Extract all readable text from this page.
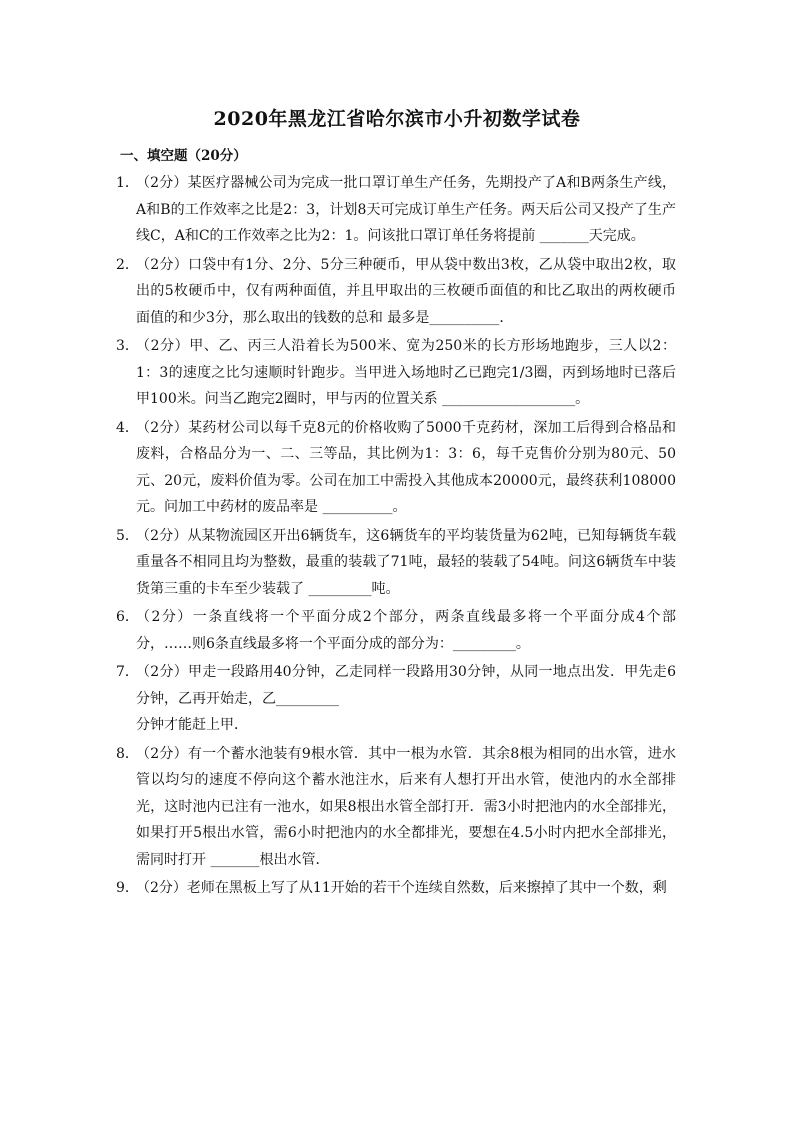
2020年黑龙江省哈尔滨市小升初数学试卷
一、填空题（20分）
1．
（2分）某医疗器械公司为完成一批口罩订单生产任务，先期投产了A和B两条生产线，A和B的工作效率之比是2：3，计划8天可完成订单生产任务。两天后公司又投产了生产线C，A和C的工作效率之比为2：1。问该批口罩订单任务将提前 _______天完成。
2．
（2分）口袋中有1分、2分、5分三种硬币，甲从袋中数出3枚，乙从袋中取出2枚，取出的5枚硬币中，仅有两种面值，并且甲取出的三枚硬币面值的和比乙取出的两枚硬币面值的和少3分，那么取出的钱数的总和 最多是__________．
3．
（2分）甲、乙、丙三人沿着长为500米、宽为250米的长方形场地跑步，三人以2：1：3的速度之比匀速顺时针跑步。当甲进入场地时乙已跑完1/3圈，丙到场地时已落后甲100米。问当乙跑完2圈时，甲与丙的位置关系 ___________________。
4．
（2分）某药材公司以每千克8元的价格收购了5000千克药材，深加工后得到合格品和废料，合格品分为一、二、三等品，其比例为1：3：6，每千克售价分别为80元、50元、20元，废料价值为零。公司在加工中需投入其他成本20000元，最终获利108000元。问加工中药材的废品率是 __________。
5．
（2分）从某物流园区开出6辆货车，这6辆货车的平均装货量为62吨，已知每辆货车载重量各不相同且均为整数，最重的装载了71吨，最轻的装载了54吨。问这6辆货车中装货第三重的卡车至少装载了 _________吨。
6．
（2分）一条直线将一个平面分成2个部分，两条直线最多将一个平面分成4个部分，……则6条直线最多将一个平面分成的部分为：_________。
7．
（2分）甲走一段路用40分钟，乙走同样一段路用30分钟，从同一地点出发．甲先走6分钟，乙再开始走，乙_________
分钟才能赶上甲．
8．
（2分）有一个蓄水池装有9根水管．其中一根为水管．其余8根为相同的出水管，进水管以均匀的速度不停向这个蓄水池注水，后来有人想打开出水管，使池内的水全部排光，这时池内已注有一池水，如果8根出水管全部打开．需3小时把池内的水全部排光，如果打开5根出水管，需6小时把池内的水全都排光，要想在4.5小时内把水全部排光，需同时打开 _______根出水管．
9．
（2分）老师在黑板上写了从11开始的若干个连续自然数，后来擦掉了其中一个数，剩
